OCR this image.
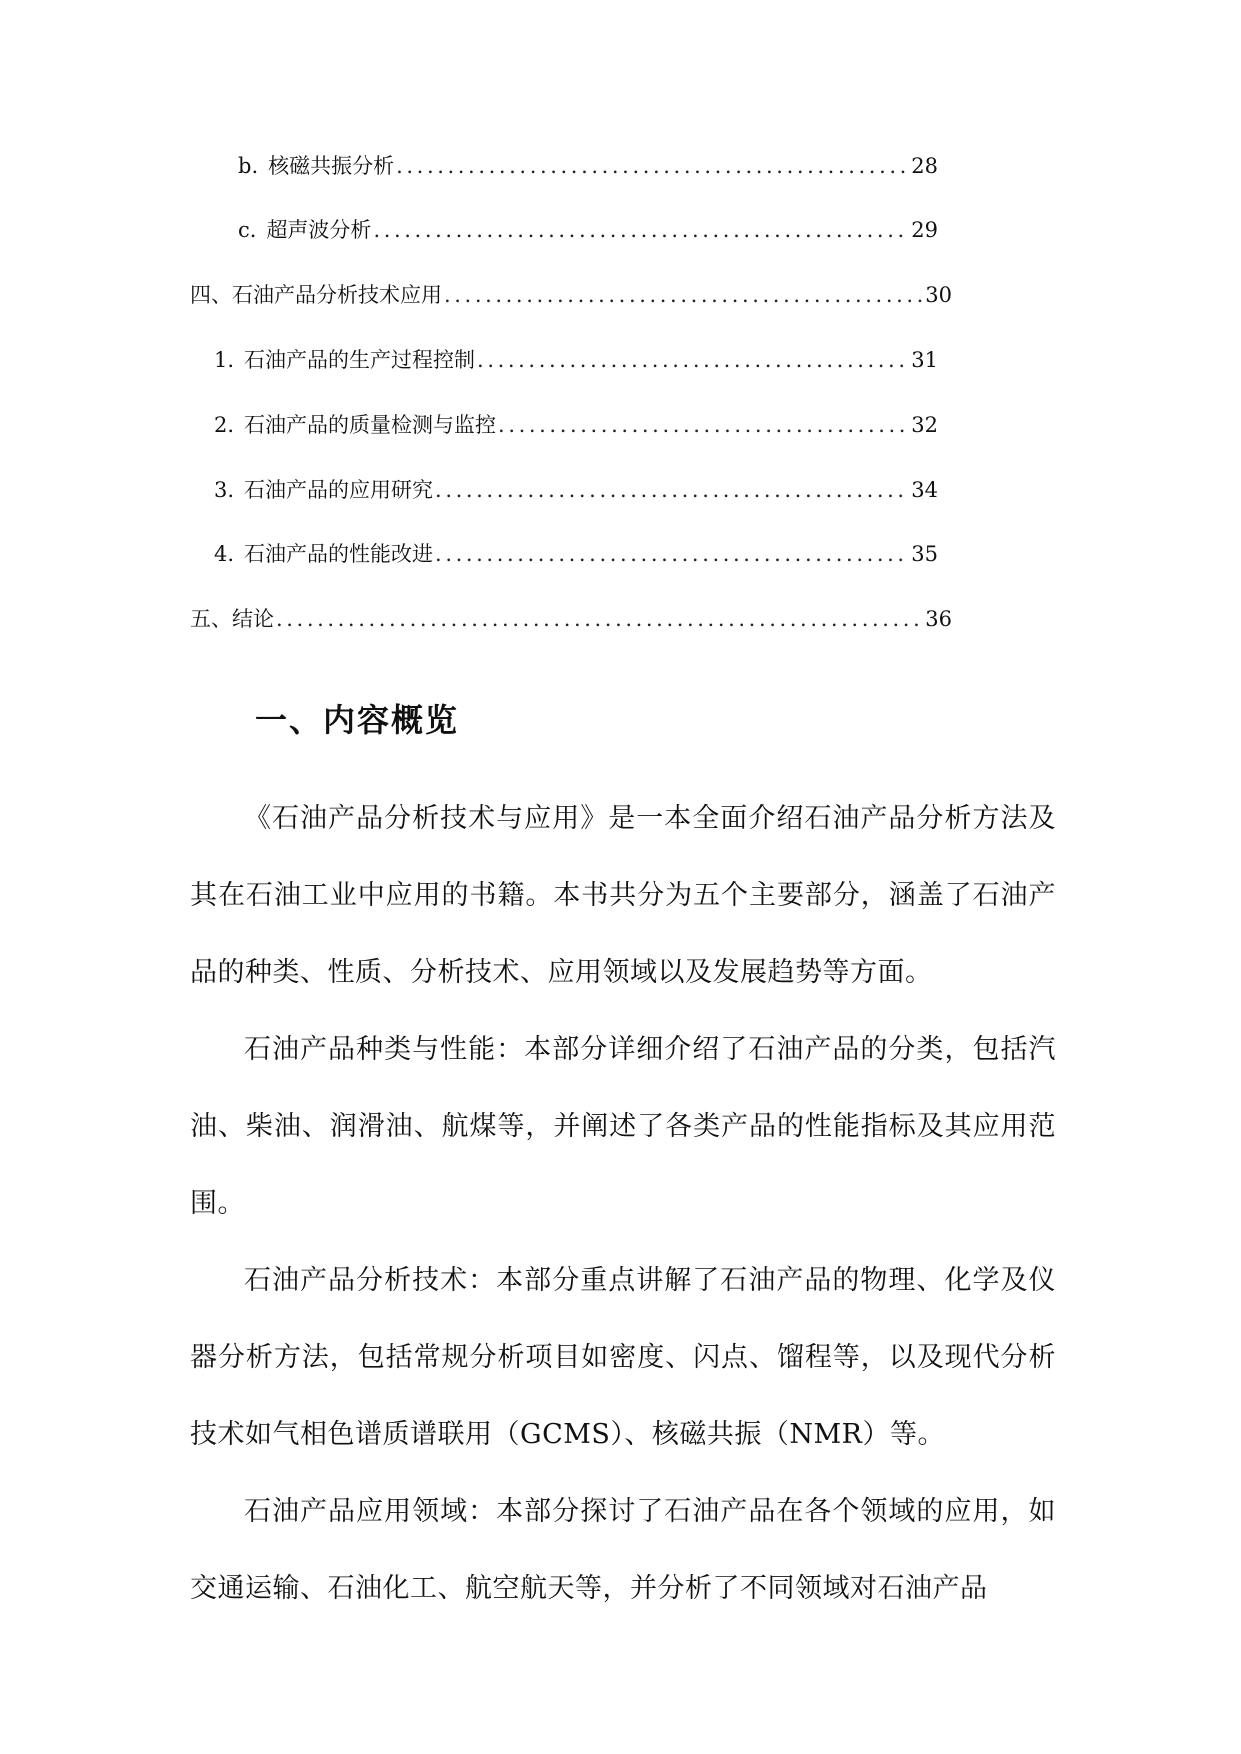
b. 核磁共振分析 .....	28
c. 超声波分析 .....	29
四、石油产品分析技术应用 .....	30
1. 石油产品的生产过程控制 .....	31
2. 石油产品的质量检测与监控 .....	32
3. 石油产品的应用研究 .....	34
4. 石油产品的性能改进 .....	35
五、结论 .....	36
一、内容概览

《石油产品分析技术与应用》是一本全面介绍石油产品分析方法及其在石油工业中应用的书籍。本书共分为五个主要部分，涵盖了石油产品的种类、性质、分析技术、应用领域以及发展趋势等方面。

石油产品种类与性能：本部分详细介绍了石油产品的分类，包括汽油、柴油、润滑油、航煤等，并阐述了各类产品的性能指标及其应用范围。

石油产品分析技术：本部分重点讲解了石油产品的物理、化学及仪器分析方法，包括常规分析项目如密度、闪点、馏程等，以及现代分析技术如气相色谱质谱联用（GCMS）、核磁共振（NMR）等。

石油产品应用领域：本部分探讨了石油产品在各个领域的应用，如交通运输、石油化工、航空航天等，并分析了不同领域对石油产品
